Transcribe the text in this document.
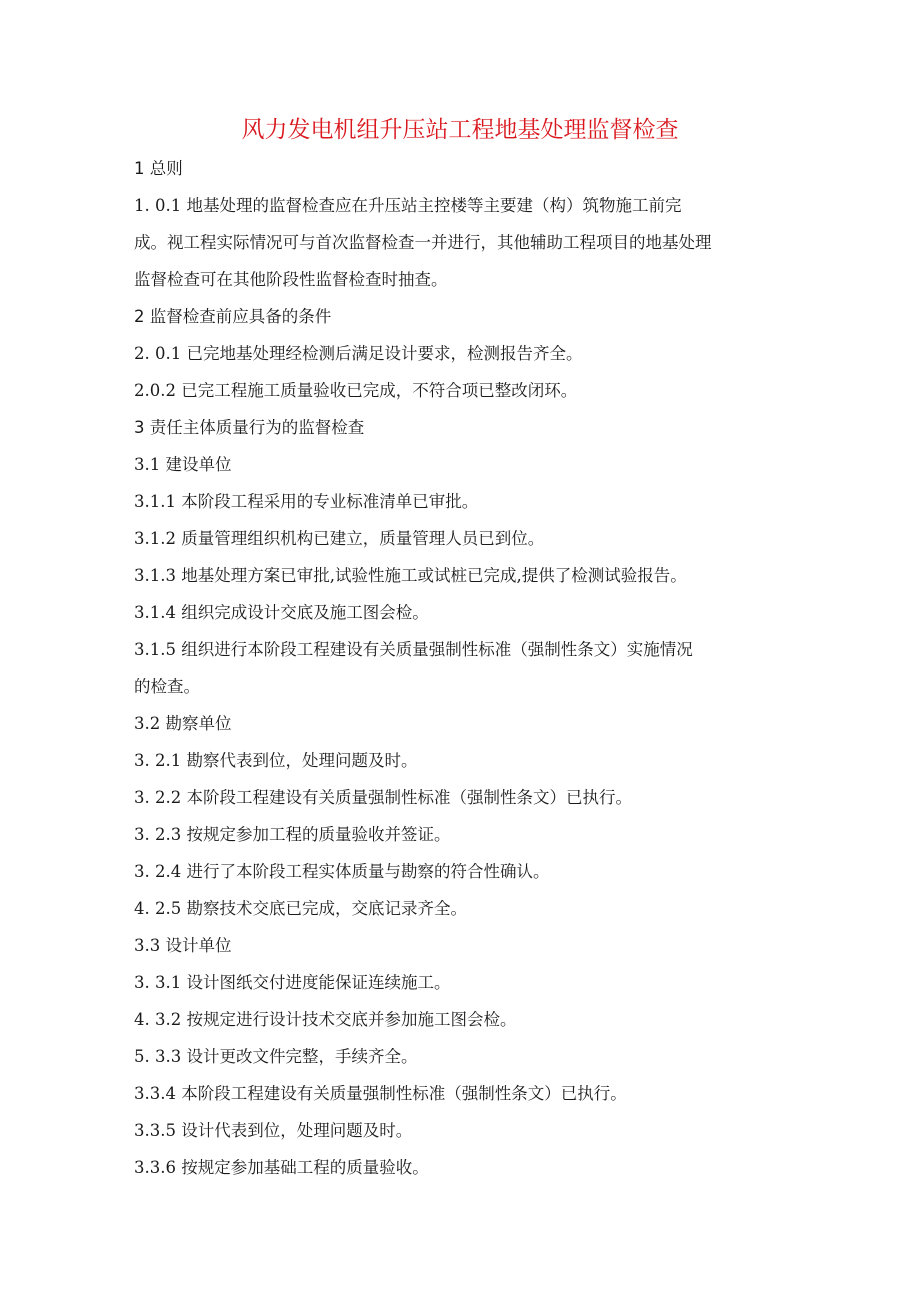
风力发电机组升压站工程地基处理监督检查
1 总则
1. 0.1 地基处理的监督检查应在升压站主控楼等主要建（构）筑物施工前完
成。视工程实际情况可与首次监督检查一并进行，其他辅助工程项目的地基处理
监督检查可在其他阶段性监督检查时抽查。
2 监督检查前应具备的条件
2. 0.1 已完地基处理经检测后满足设计要求，检测报告齐全。
2.0.2 已完工程施工质量验收已完成，不符合项已整改闭环。
3 责任主体质量行为的监督检查
3.1 建设单位
3.1.1 本阶段工程采用的专业标准清单已审批。
3.1.2 质量管理组织机构已建立，质量管理人员已到位。
3.1.3 地基处理方案已审批,试验性施工或试桩已完成,提供了检测试验报告。
3.1.4 组织完成设计交底及施工图会检。
3.1.5 组织进行本阶段工程建设有关质量强制性标准（强制性条文）实施情况
的检查。
3.2 勘察单位
3. 2.1 勘察代表到位，处理问题及时。
3. 2.2 本阶段工程建设有关质量强制性标准（强制性条文）已执行。
3. 2.3 按规定参加工程的质量验收并签证。
3. 2.4 进行了本阶段工程实体质量与勘察的符合性确认。
4. 2.5 勘察技术交底已完成，交底记录齐全。
3.3 设计单位
3. 3.1 设计图纸交付进度能保证连续施工。
4. 3.2 按规定进行设计技术交底并参加施工图会检。
5. 3.3 设计更改文件完整，手续齐全。
3.3.4 本阶段工程建设有关质量强制性标准（强制性条文）已执行。
3.3.5 设计代表到位，处理问题及时。
3.3.6 按规定参加基础工程的质量验收。
